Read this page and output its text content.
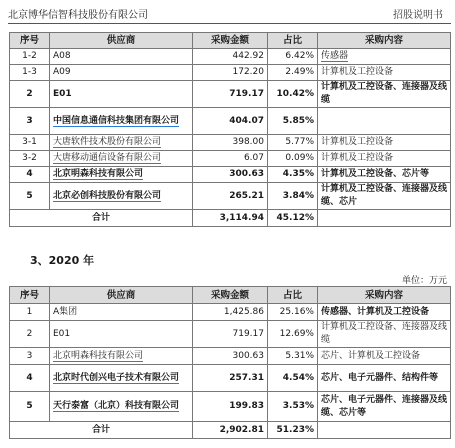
北京博华信智科技股份有限公司	招股说明书
序号	供应商	采购金额	占比	采购内容
1-2	A08	442.92	6.42%	传感器
1-3	A09	172.20	2.49%	计算机及工控设备
2	E01	719.17	10.42%	计算机及工控设备、连接器及线缆
3	中国信息通信科技集团有限公司	404.07	5.85%	
3-1	大唐软件技术股份有限公司	398.00	5.77%	计算机及工控设备
3-2	大唐移动通信设备有限公司	6.07	0.09%	计算机及工控设备
4	北京明森科技有限公司	300.63	4.35%	计算机及工控设备、芯片等
5	北京必创科技股份有限公司	265.21	3.84%	计算机及工控设备、连接器及线缆、芯片
合计		3,114.94	45.12%	
3、2020 年
单位：万元
序号	供应商	采购金额	占比	采购内容
1	A集团	1,425.86	25.16%	传感器、计算机及工控设备
2	E01	719.17	12.69%	计算机及工控设备、连接器及线缆
3	北京明森科技有限公司	300.63	5.31%	芯片、计算机及工控设备
4	北京时代创兴电子技术有限公司	257.31	4.54%	芯片、电子元器件、结构件等
5	天行泰富（北京）科技有限公司	199.83	3.53%	芯片、电子元器件、连接器及线缆、芯片等
合计		2,902.81	51.23%	
